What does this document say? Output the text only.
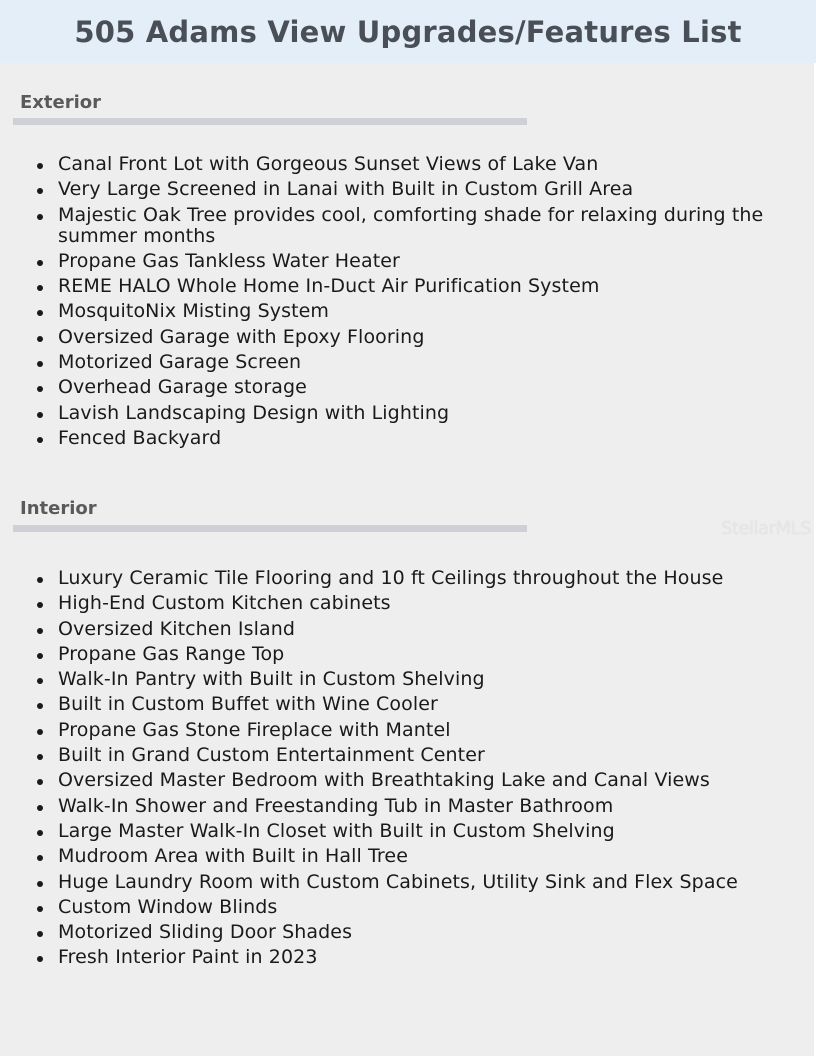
505 Adams View Upgrades/Features List
Exterior
Canal Front Lot with Gorgeous Sunset Views of Lake Van
Very Large Screened in Lanai with Built in Custom Grill Area
Majestic Oak Tree provides cool, comforting shade for relaxing during the summer months
Propane Gas Tankless Water Heater
REME HALO Whole Home In-Duct Air Purification System
MosquitoNix Misting System
Oversized Garage with Epoxy Flooring
Motorized Garage Screen
Overhead Garage storage
Lavish Landscaping Design with Lighting
Fenced Backyard
Interior
Luxury Ceramic Tile Flooring and 10 ft Ceilings throughout the House
High-End Custom Kitchen cabinets
Oversized Kitchen Island
Propane Gas Range Top
Walk-In Pantry with Built in Custom Shelving
Built in Custom Buffet with Wine Cooler
Propane Gas Stone Fireplace with Mantel
Built in Grand Custom Entertainment Center
Oversized Master Bedroom with Breathtaking Lake and Canal Views
Walk-In Shower and Freestanding Tub in Master Bathroom
Large Master Walk-In Closet with Built in Custom Shelving
Mudroom Area with Built in Hall Tree
Huge Laundry Room with Custom Cabinets, Utility Sink and Flex Space
Custom Window Blinds
Motorized Sliding Door Shades
Fresh Interior Paint in 2023
StellarMLS
